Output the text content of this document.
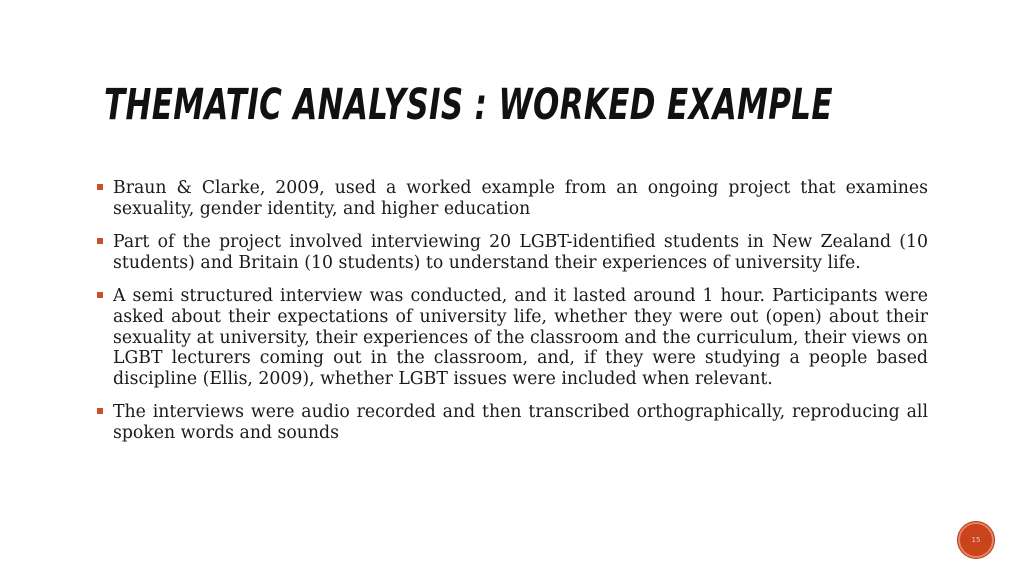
THEMATIC ANALYSIS : WORKED EXAMPLE
Braun & Clarke, 2009, used a worked example from an ongoing project that examines sexuality, gender identity, and higher education
Part of the project involved interviewing 20 LGBT-identified students in New Zealand (10 students) and Britain (10 students) to understand their experiences of university life.
A semi structured interview was conducted, and it lasted around 1 hour. Participants were asked about their expectations of university life, whether they were out (open) about their sexuality at university, their experiences of the classroom and the curriculum, their views on LGBT lecturers coming out in the classroom, and, if they were studying a people based discipline (Ellis, 2009), whether LGBT issues were included when relevant.
The interviews were audio recorded and then transcribed orthographically, reproducing all spoken words and sounds
15
